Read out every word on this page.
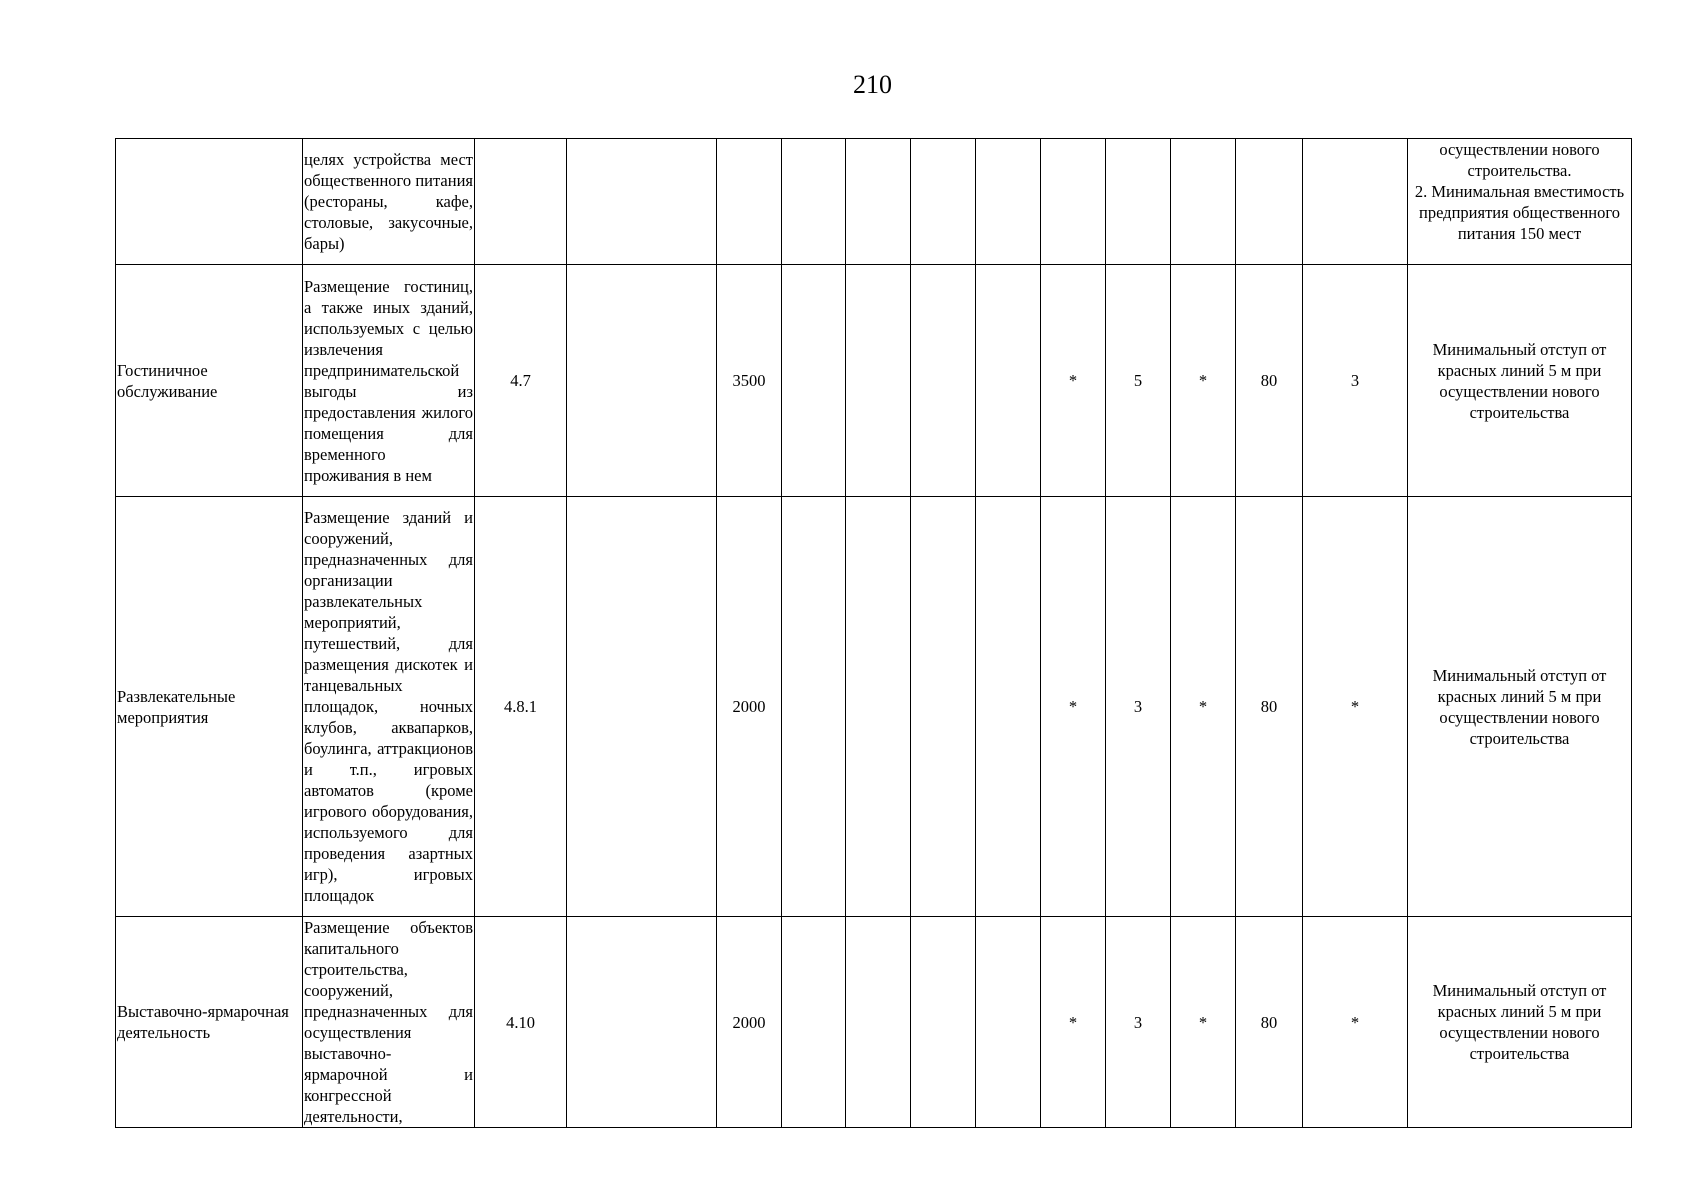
210
	целях устройства мест общественного питания (рестораны, кафе, столовые, закусочные, бары)													осуществлении нового строительства.
2. Минимальная вместимость предприятия общественного питания 150 мест
Гостиничное обслуживание	Размещение гостиниц, а также иных зданий, используемых с целью извлечения предпринимательской выгоды из предоставления жилого помещения для временного проживания в нем	4.7		3500					*	5	*	80	3	Минимальный отступ от красных линий 5 м при осуществлении нового строительства
Развлекательные мероприятия	Размещение зданий и сооружений, предназначенных для организации развлекательных мероприятий, путешествий, для размещения дискотек и танцевальных площадок, ночных клубов, аквапарков, боулинга, аттракционов и т.п., игровых автоматов (кроме игрового оборудования, используемого для проведения азартных игр), игровых площадок	4.8.1		2000					*	3	*	80	*	Минимальный отступ от красных линий 5 м при осуществлении нового строительства
Выставочно-ярмарочная деятельность	Размещение объектов капитального строительства, сооружений, предназначенных для осуществления выставочно-ярмарочной и конгрессной деятельности,	4.10		2000					*	3	*	80	*	Минимальный отступ от красных линий 5 м при осуществлении нового строительства
